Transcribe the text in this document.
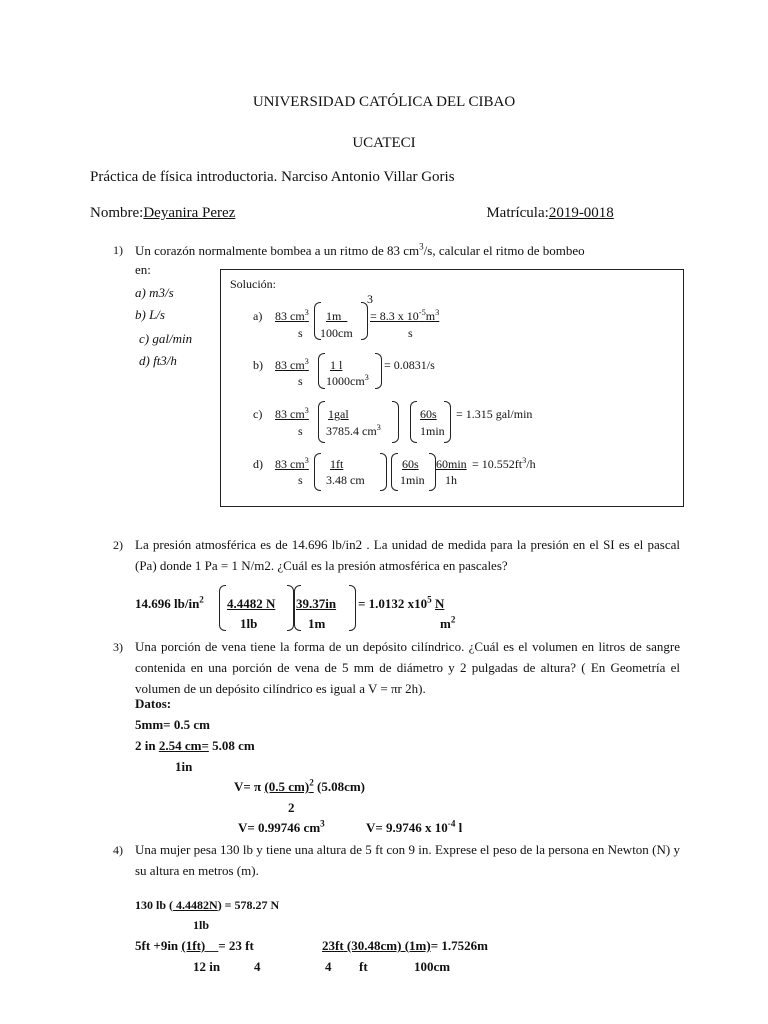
UNIVERSIDAD CATÓLICA DEL CIBAO
UCATECI
Práctica de física introductoria. Narciso Antonio Villar Goris
Nombre:Deyanira Perez	Matrícula:2019-0018
1) Un corazón normalmente bombea a un ritmo de 83 $cm^3/s$, calcular el ritmo de bombeo
en:
a) m3/s
b) L/s
c) gal/min
d) ft3/h
Solución:
3
a) 83 $cm^3$
s
1m_
100cm
= 8.3 x $10^{-5}m^3$
s
b) 83 $cm^3$
s
1 l
$1000cm^3$
= 0.0831/s
c) 83 $cm^3$
s
1gal
3785.4 $cm^3$
60s
1min
= 1.315 gal/min
d) 83 $cm^3$
s
1ft
3.48 cm
60s
1min
60min
1h
= $10.552ft^3/h$
2) La presión atmosférica es de 14.696 lb/in2 . La unidad de medida para la presión en el SI es el pascal (Pa) donde 1 Pa = 1 N/m2. ¿Cuál es la presión atmosférica en pascales?
14.696 $lb/in^2$ 4.4482 N
1lb
39.37in
1m
= 1.0132 $x10^5$ N
$m^2$
3) Una porción de vena tiene la forma de un depósito cilíndrico. ¿Cuál es el volumen en litros de sangre contenida en una porción de vena de 5 mm de diámetro y 2 pulgadas de altura? ( En Geometría el volumen de un depósito cilíndrico es igual a V = πr 2h).
Datos:
5mm= 0.5 cm
2 in 2.54 cm= 5.08 cm
1in
V= π (0.5 cm)$^2$ (5.08cm)
2
V= 0.99746 $cm^3$	V= 9.9746 x $10^{-4}$ l
4) Una mujer pesa 130 lb y tiene una altura de 5 ft con 9 in. Exprese el peso de la persona en Newton (N) y su altura en metros (m).
130 lb ( 4.4482N) = 578.27 N
1lb
5ft +9in (1ft)__= 23 ft
12 in	4
23ft (30.48cm) (1m)= 1.7526m
4 ft	100cm
